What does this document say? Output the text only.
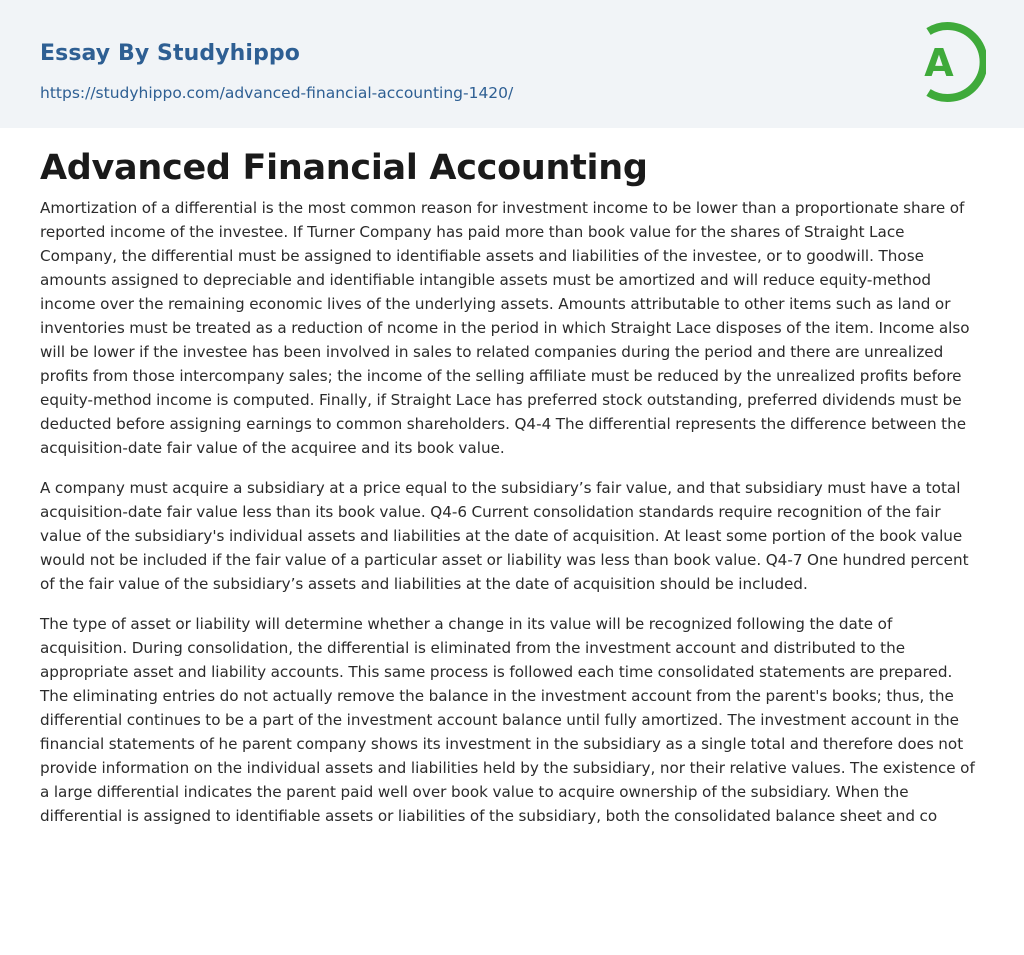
Essay By Studyhippo
https://studyhippo.com/advanced-financial-accounting-1420/
A
Advanced Financial Accounting

Amortization of a differential is the most common reason for investment income to be lower than a proportionate share of reported income of the investee. If Turner Company has paid more than book value for the shares of Straight Lace Company, the differential must be assigned to identifiable assets and liabilities of the investee, or to goodwill. Those amounts assigned to depreciable and identifiable intangible assets must be amortized and will reduce equity-method income over the remaining economic lives of the underlying assets. Amounts attributable to other items such as land or inventories must be treated as a reduction of ncome in the period in which Straight Lace disposes of the item. Income also will be lower if the investee has been involved in sales to related companies during the period and there are unrealized profits from those intercompany sales; the income of the selling affiliate must be reduced by the unrealized profits before equity-method income is computed. Finally, if Straight Lace has preferred stock outstanding, preferred dividends must be deducted before assigning earnings to common shareholders. Q4-4 The differential represents the difference between the acquisition-date fair value of the acquiree and its book value.

A company must acquire a subsidiary at a price equal to the subsidiary’s fair value, and that subsidiary must have a total acquisition-date fair value less than its book value. Q4-6 Current consolidation standards require recognition of the fair value of the subsidiary's individual assets and liabilities at the date of acquisition. At least some portion of the book value would not be included if the fair value of a particular asset or liability was less than book value. Q4-7 One hundred percent of the fair value of the subsidiary’s assets and liabilities at the date of acquisition should be included.

The type of asset or liability will determine whether a change in its value will be recognized following the date of acquisition. During consolidation, the differential is eliminated from the investment account and distributed to the appropriate asset and liability accounts. This same process is followed each time consolidated statements are prepared. The eliminating entries do not actually remove the balance in the investment account from the parent's books; thus, the differential continues to be a part of the investment account balance until fully amortized. The investment account in the financial statements of he parent company shows its investment in the subsidiary as a single total and therefore does not provide information on the individual assets and liabilities held by the subsidiary, nor their relative values. The existence of a large differential indicates the parent paid well over book value to acquire ownership of the subsidiary. When the differential is assigned to identifiable assets or liabilities of the subsidiary, both the consolidated balance sheet and co
